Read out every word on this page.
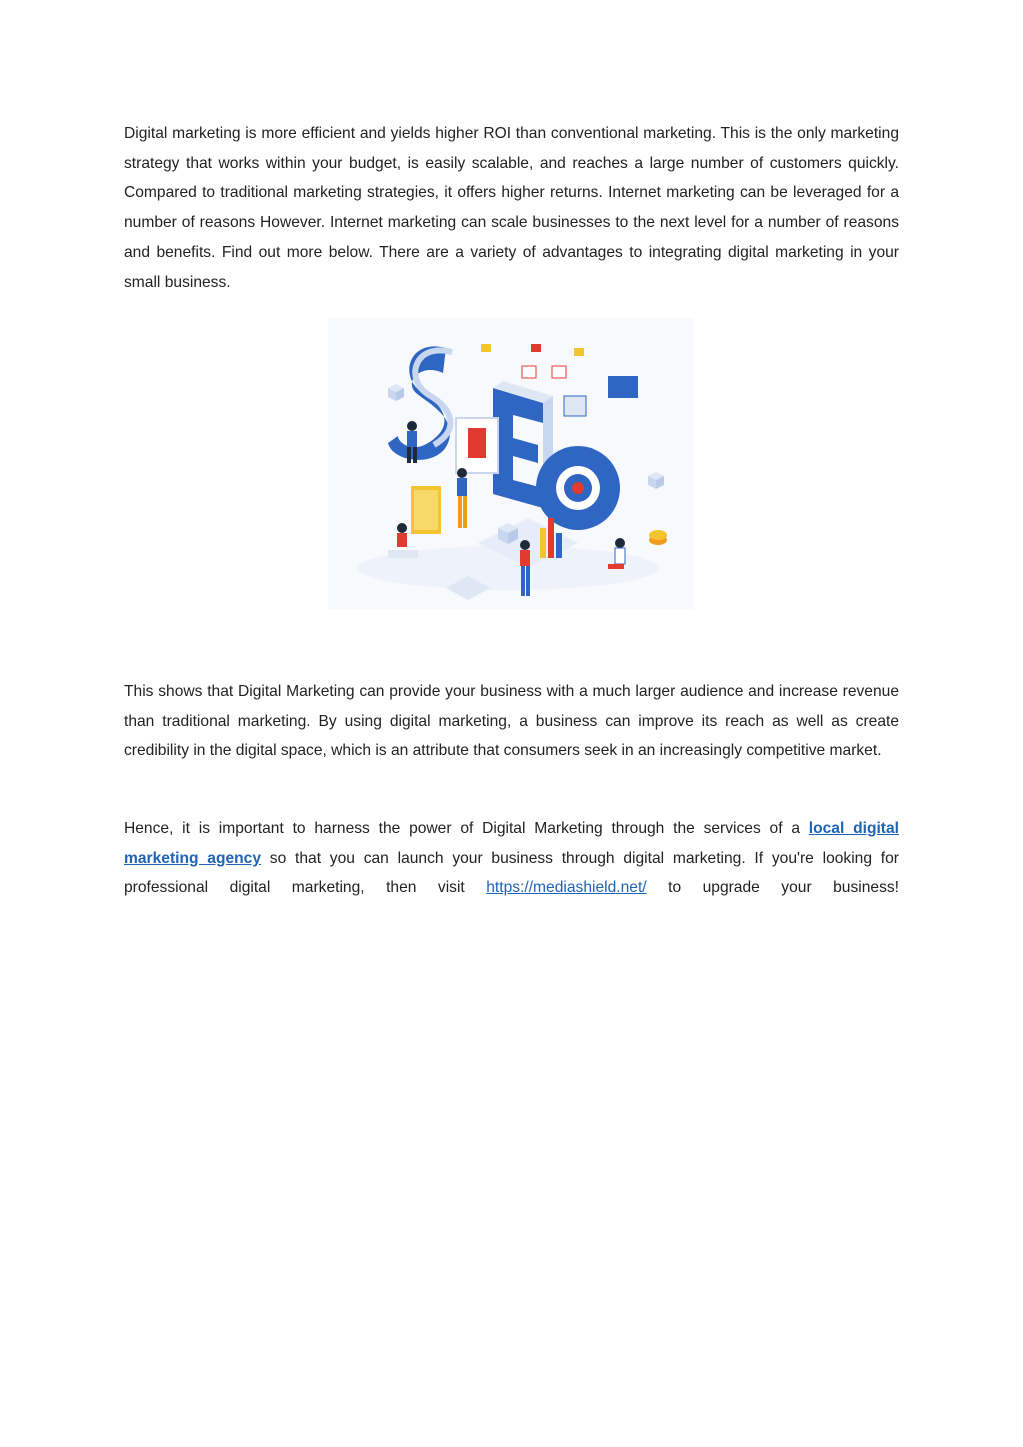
Digital marketing is more efficient and yields higher ROI than conventional marketing. This is the only marketing strategy that works within your budget, is easily scalable, and reaches a large number of customers quickly. Compared to traditional marketing strategies, it offers higher returns. Internet marketing can be leveraged for a number of reasons However. Internet marketing can scale businesses to the next level for a number of reasons and benefits. Find out more below. There are a variety of advantages to integrating digital marketing in your small business.

This shows that Digital Marketing can provide your business with a much larger audience and increase revenue than traditional marketing. By using digital marketing, a business can improve its reach as well as create credibility in the digital space, which is an attribute that consumers seek in an increasingly competitive market.

Hence, it is important to harness the power of Digital Marketing through the services of a local digital marketing agency so that you can launch your business through digital marketing. If you're looking for professional digital marketing, then visit https://mediashield.net/ to upgrade your business!
